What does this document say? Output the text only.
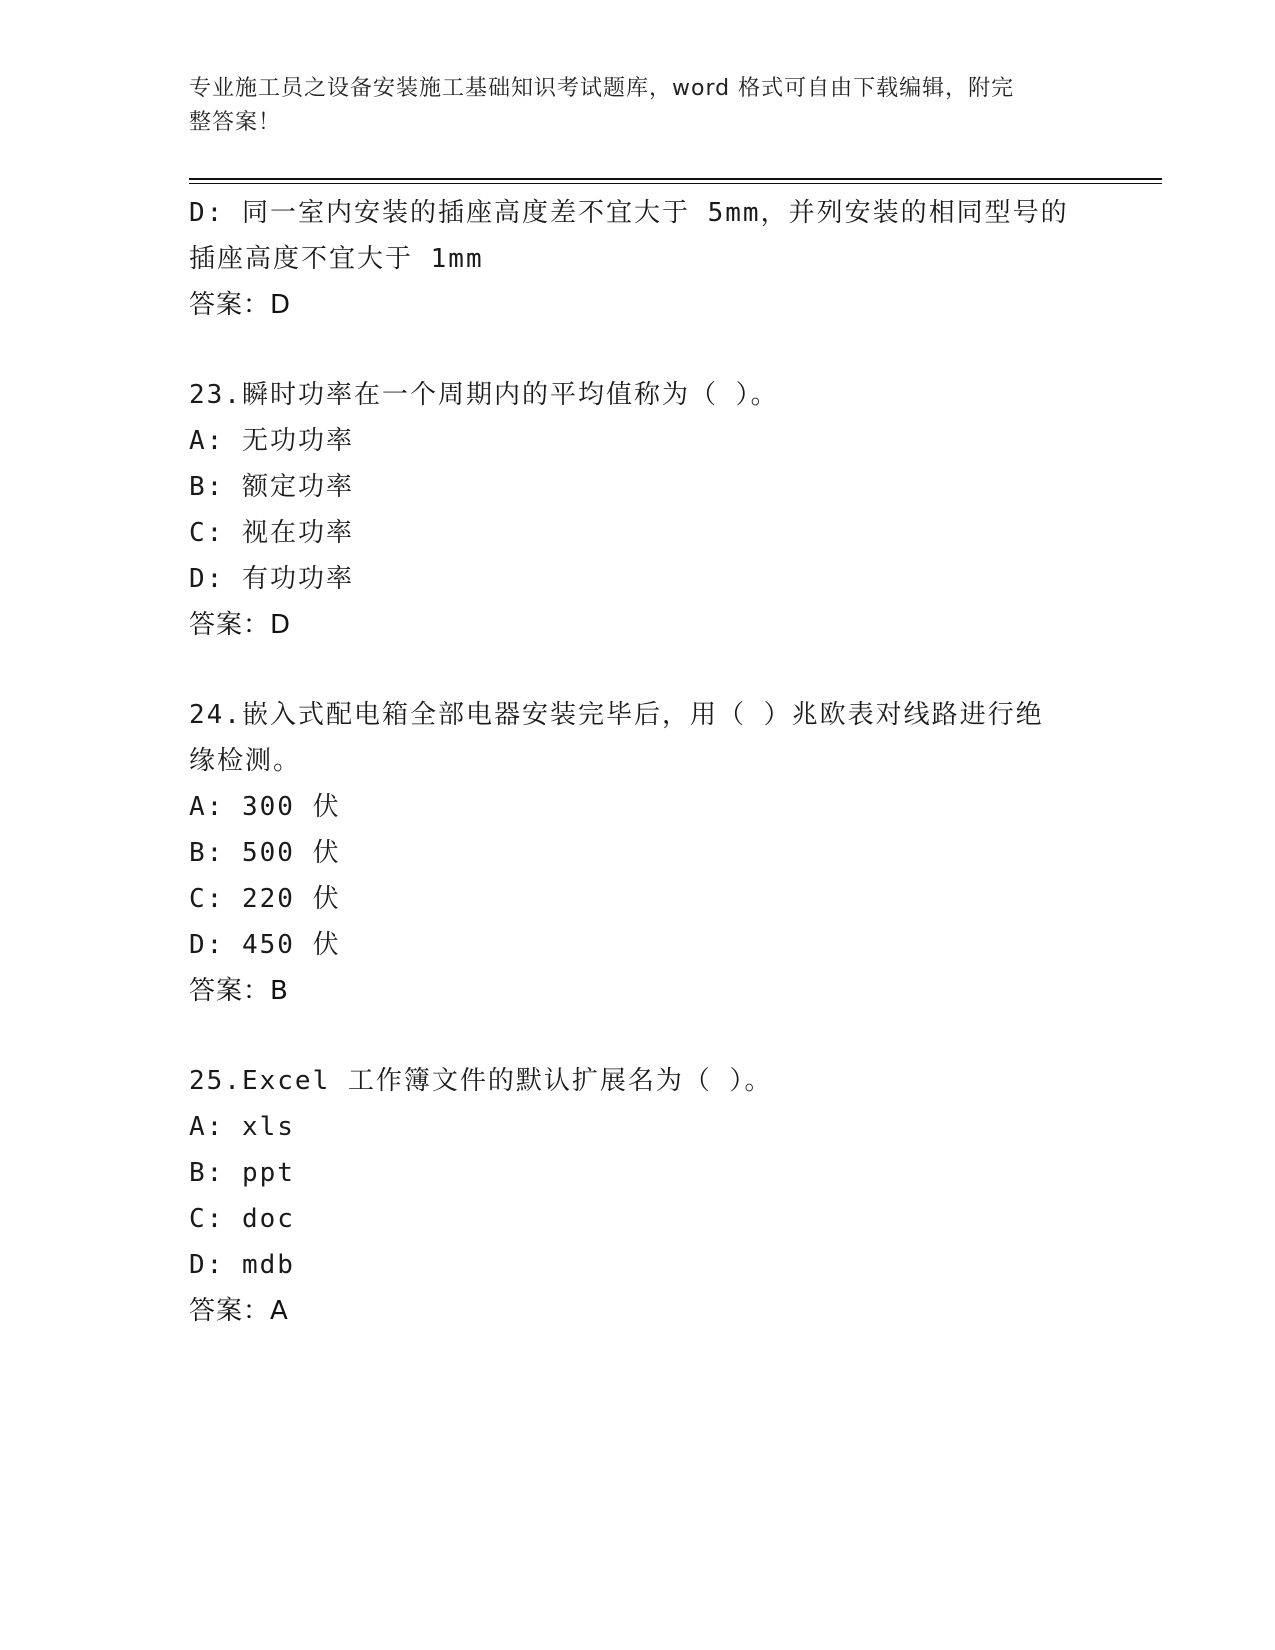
专业施工员之设备安装施工基础知识考试题库，word 格式可自由下载编辑，附完
整答案！
D: 同一室内安装的插座高度差不宜大于 5mm，并列安装的相同型号的
插座高度不宜大于 1mm
答案：D
23.瞬时功率在一个周期内的平均值称为（ ）。
A: 无功功率
B: 额定功率
C: 视在功率
D: 有功功率
答案：D
24.嵌入式配电箱全部电器安装完毕后，用（ ）兆欧表对线路进行绝
缘检测。
A: 300 伏
B: 500 伏
C: 220 伏
D: 450 伏
答案：B
25.Excel 工作簿文件的默认扩展名为（ ）。
A: xls
B: ppt
C: doc
D: mdb
答案：A
